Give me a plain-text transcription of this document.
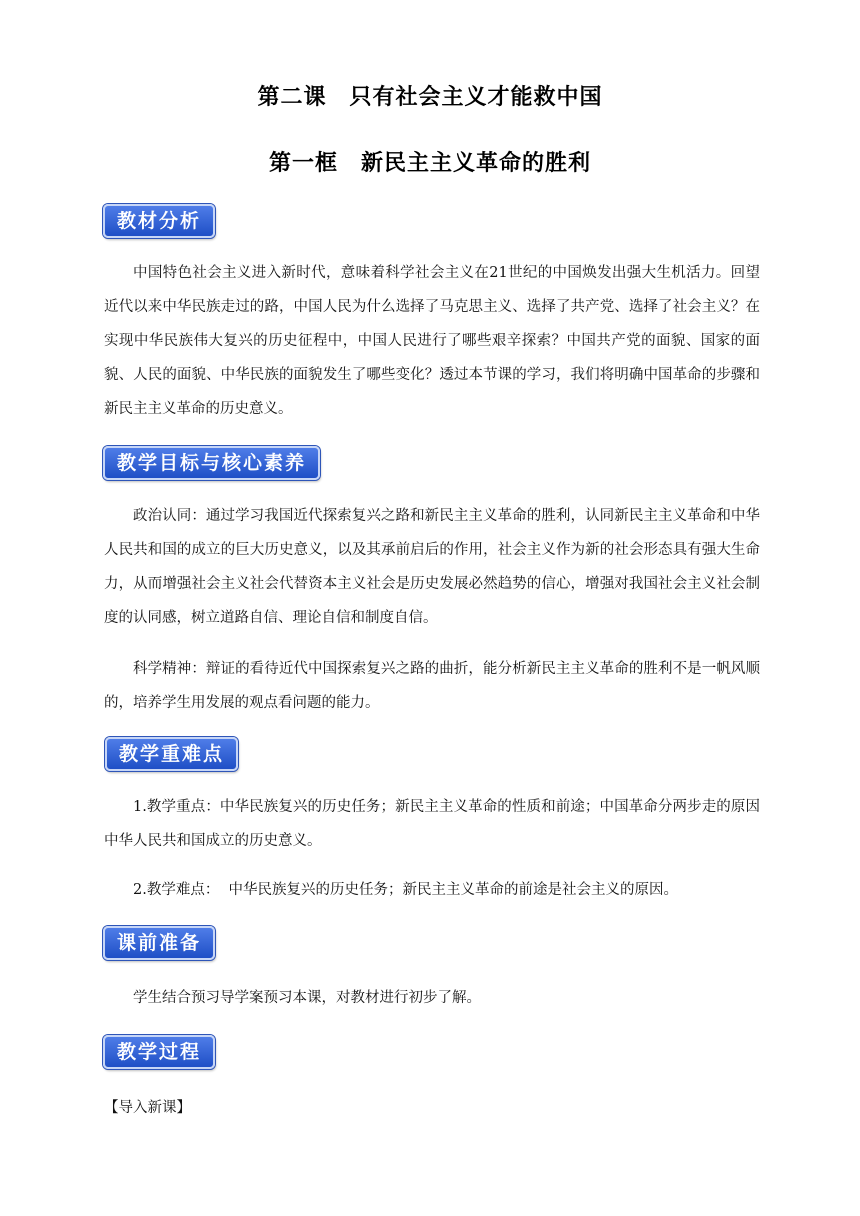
第二课　只有社会主义才能救中国
第一框　新民主主义革命的胜利
教材分析
中国特色社会主义进入新时代，意味着科学社会主义在21世纪的中国焕发出强大生机活力。回望近代以来中华民族走过的路，中国人民为什么选择了马克思主义、选择了共产党、选择了社会主义？在实现中华民族伟大复兴的历史征程中，中国人民进行了哪些艰辛探索？中国共产党的面貌、国家的面貌、人民的面貌、中华民族的面貌发生了哪些变化？透过本节课的学习，我们将明确中国革命的步骤和新民主主义革命的历史意义。
教学目标与核心素养
政治认同：通过学习我国近代探索复兴之路和新民主主义革命的胜利，认同新民主主义革命和中华人民共和国的成立的巨大历史意义，以及其承前启后的作用，社会主义作为新的社会形态具有强大生命力，从而增强社会主义社会代替资本主义社会是历史发展必然趋势的信心，增强对我国社会主义社会制度的认同感，树立道路自信、理论自信和制度自信。
科学精神：辩证的看待近代中国探索复兴之路的曲折，能分析新民主主义革命的胜利不是一帆风顺的，培养学生用发展的观点看问题的能力。
教学重难点
1.教学重点：中华民族复兴的历史任务；新民主主义革命的性质和前途；中国革命分两步走的原因中华人民共和国成立的历史意义。
2.教学难点：  中华民族复兴的历史任务；新民主主义革命的前途是社会主义的原因。
课前准备
学生结合预习导学案预习本课，对教材进行初步了解。
教学过程
【导入新课】
